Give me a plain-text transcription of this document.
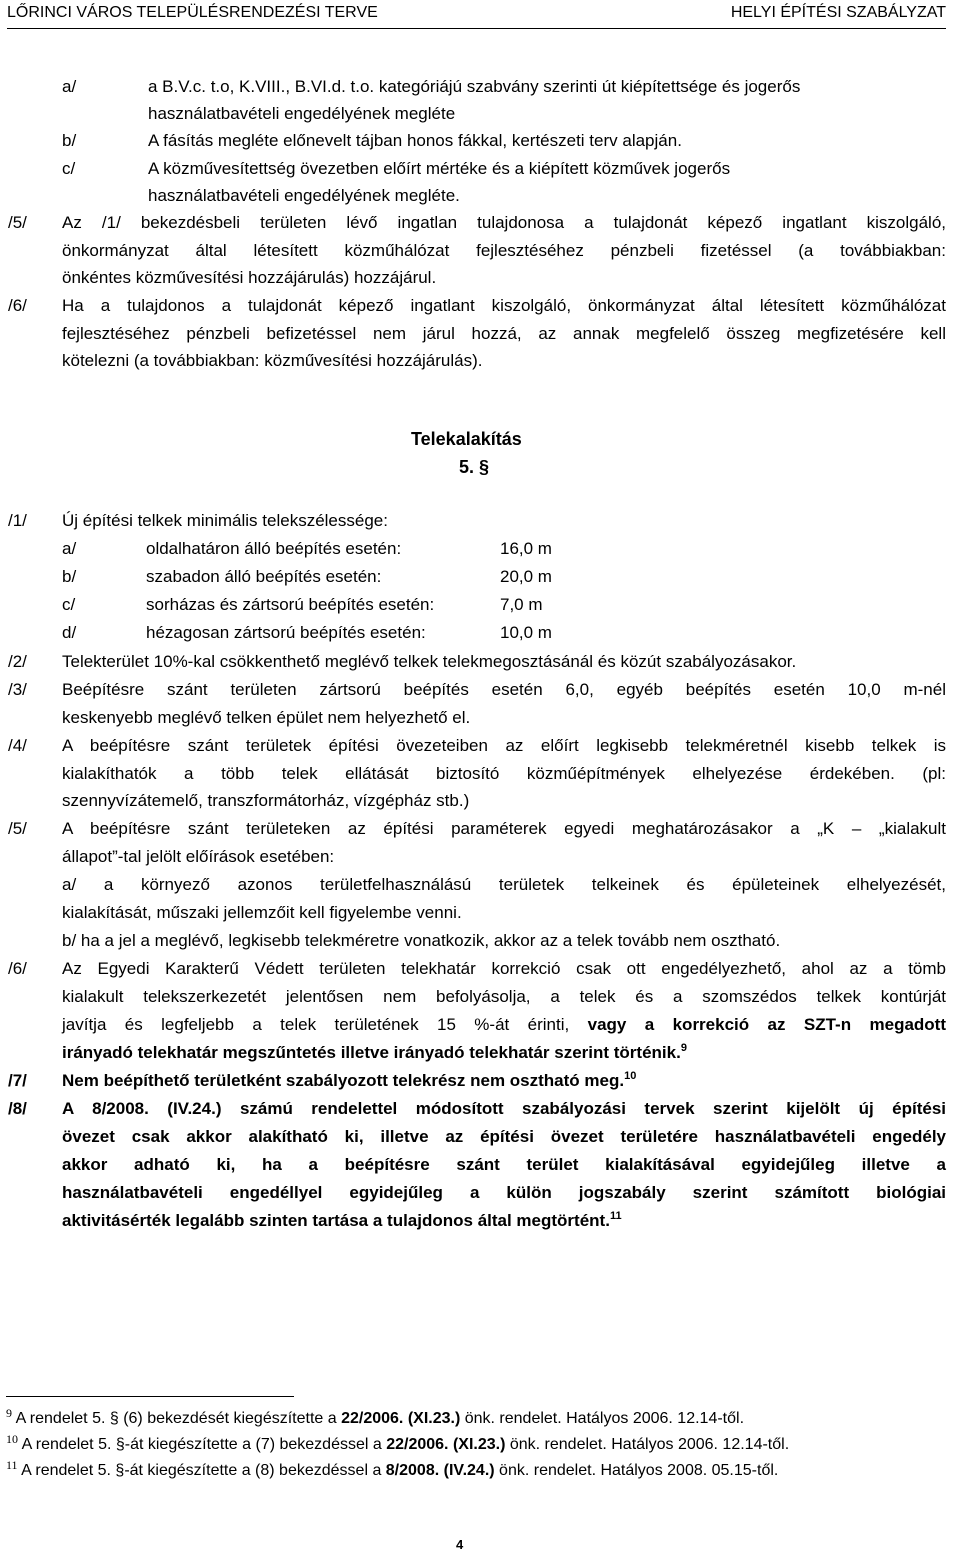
LŐRINCI VÁROS TELEPÜLÉSRENDEZÉSI TERVE	HELYI ÉPÍTÉSI SZABÁLYZAT
a/	a B.V.c. t.o, K.VIII., B.VI.d. t.o. kategóriájú szabvány szerinti út kiépítettsége és jogerős
használatbavételi engedélyének megléte
b/	A fásítás megléte előnevelt tájban honos fákkal, kertészeti terv alapján.
c/	A közművesítettség övezetben előírt mértéke és a kiépített közművek jogerős
használatbavételi engedélyének megléte.
/5/ Az /1/ bekezdésbeli területen lévő ingatlan tulajdonosa a tulajdonát képező ingatlant kiszolgáló,
önkormányzat által létesített közműhálózat fejlesztéséhez pénzbeli fizetéssel (a továbbiakban:
önkéntes közművesítési hozzájárulás) hozzájárul.
/6/ Ha a tulajdonos a tulajdonát képező ingatlant kiszolgáló, önkormányzat által létesített közműhálózat
fejlesztéséhez pénzbeli befizetéssel nem járul hozzá, az annak megfelelő összeg megfizetésére kell
kötelezni (a továbbiakban: közművesítési hozzájárulás).
Telekalakítás
5. §
/1/ Új építési telkek minimális telekszélessége:
a/	oldalhatáron álló beépítés esetén:	16,0 m
b/	szabadon álló beépítés esetén:	20,0 m
c/	sorházas és zártsorú beépítés esetén:	7,0 m
d/	hézagosan zártsorú beépítés esetén:	10,0 m
/2/ Telekterület 10%-kal csökkenthető meglévő telkek telekmegosztásánál és közút szabályozásakor.
/3/ Beépítésre szánt területen zártsorú beépítés esetén 6,0, egyéb beépítés esetén 10,0 m-nél
keskenyebb meglévő telken épület nem helyezhető el.
/4/ A beépítésre szánt területek építési övezeteiben az előírt legkisebb telekméretnél kisebb telkek is
kialakíthatók a több telek ellátását biztosító közműépítmények elhelyezése érdekében. (pl:
szennyvízátemelő, transzformátorház, vízgépház stb.)
/5/ A beépítésre szánt területeken az építési paraméterek egyedi meghatározásakor a „K – „kialakult
állapot”-tal jelölt előírások esetében:
a/ a környező azonos területfelhasználású területek telkeinek és épületeinek elhelyezését,
kialakítását, műszaki jellemzőit kell figyelembe venni.
b/ ha a jel a meglévő, legkisebb telekméretre vonatkozik, akkor az a telek tovább nem osztható.
/6/ Az Egyedi Karakterű Védett területen telekhatár korrekció csak ott engedélyezhető, ahol az a tömb
kialakult telekszerkezetét jelentősen nem befolyásolja, a telek és a szomszédos telkek kontúrját
javítja és legfeljebb a telek területének 15 %-át érinti, vagy a korrekció az SZT-n megadott
irányadó telekhatár megszűntetés illetve irányadó telekhatár szerint történik.$^9$
/7/ Nem beépíthető területként szabályozott telekrész nem osztható meg.$^{10}$
/8/ A 8/2008. (IV.24.) számú rendelettel módosított szabályozási tervek szerint kijelölt új építési
övezet csak akkor alakítható ki, illetve az építési övezet területére használatbavételi engedély
akkor adható ki, ha a beépítésre szánt terület kialakításával egyidejűleg illetve a
használatbavételi engedéllyel egyidejűleg a külön jogszabály szerint számított biológiai
aktivitásérték legalább szinten tartása a tulajdonos által megtörtént.$^{11}$
$^9$ A rendelet 5. § (6) bekezdését kiegészítette a 22/2006. (XI.23.) önk. rendelet. Hatályos 2006. 12.14-től.
$^{10}$ A rendelet 5. §-át kiegészítette a (7) bekezdéssel a 22/2006. (XI.23.) önk. rendelet. Hatályos 2006. 12.14-től.
$^{11}$ A rendelet 5. §-át kiegészítette a (8) bekezdéssel a 8/2008. (IV.24.) önk. rendelet. Hatályos 2008. 05.15-től.
4
